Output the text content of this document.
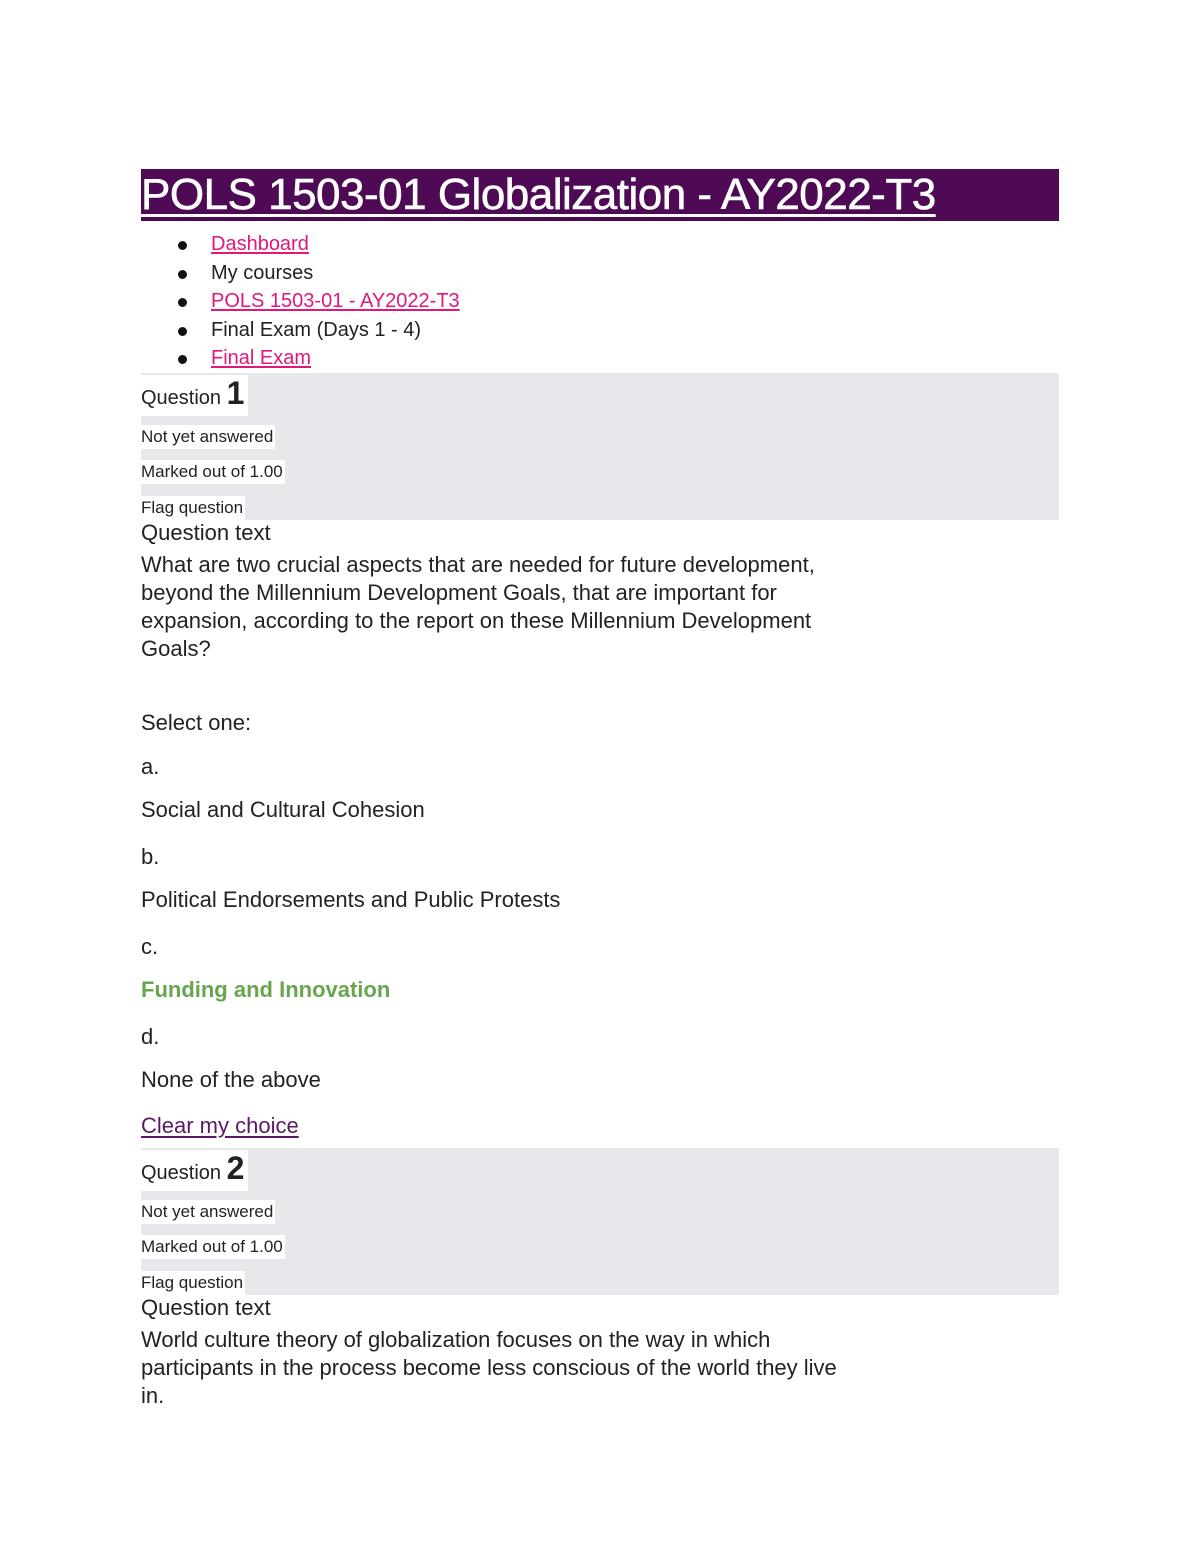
POLS 1503-01 Globalization - AY2022-T3
Dashboard
My courses
POLS 1503-01 - AY2022-T3
Final Exam (Days 1 - 4)
Final Exam
Question 1
Not yet answered
Marked out of 1.00
Flag question
Question text
What are two crucial aspects that are needed for future development, beyond the Millennium Development Goals, that are important for expansion, according to the report on these Millennium Development Goals?
Select one:
a.
Social and Cultural Cohesion
b.
Political Endorsements and Public Protests
c.
Funding and Innovation
d.
None of the above
Clear my choice
Question 2
Not yet answered
Marked out of 1.00
Flag question
Question text
World culture theory of globalization focuses on the way in which participants in the process become less conscious of the world they live in.
